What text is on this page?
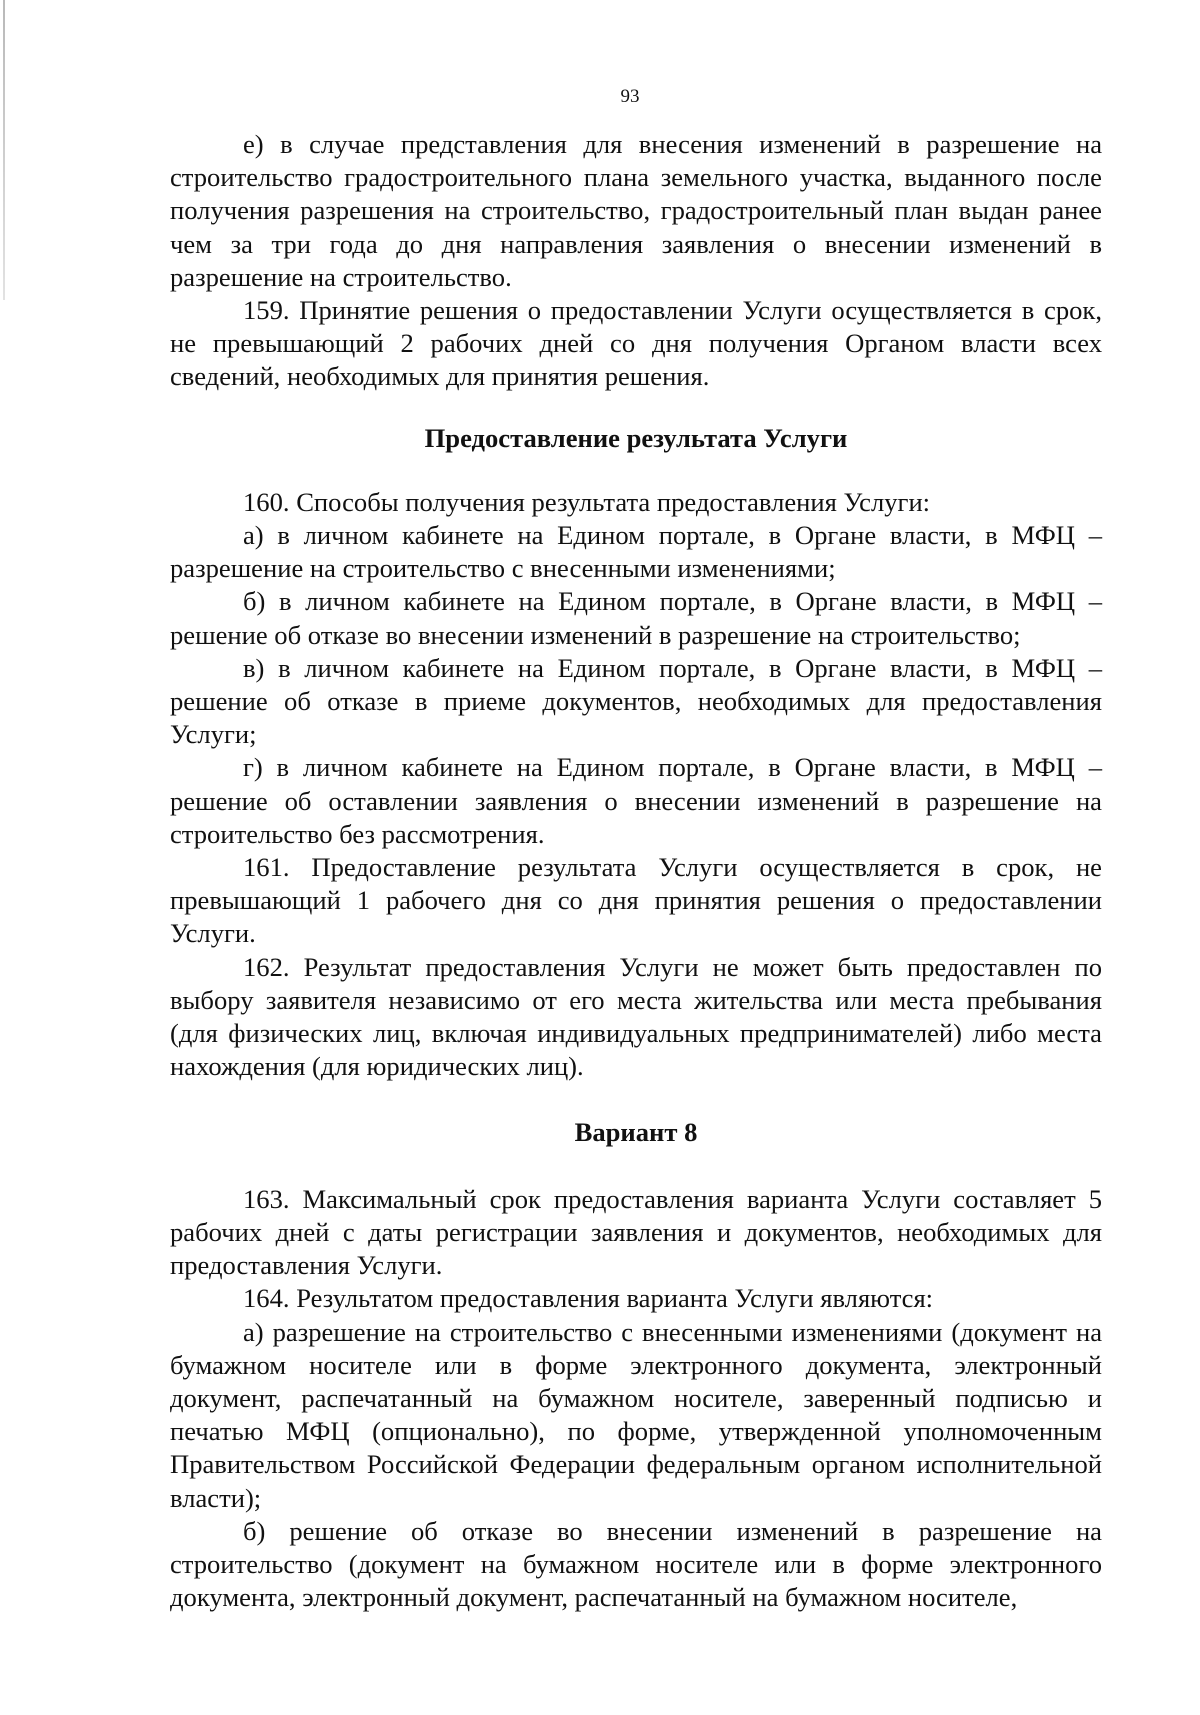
93

е) в случае представления для внесения изменений в разрешение на строительство градостроительного плана земельного участка, выданного после получения разрешения на строительство, градостроительный план выдан ранее чем за три года до дня направления заявления о внесении изменений в разрешение на строительство.

159. Принятие решения о предоставлении Услуги осуществляется в срок, не превышающий 2 рабочих дней со дня получения Органом власти всех сведений, необходимых для принятия решения.

Предоставление результата Услуги

160. Способы получения результата предоставления Услуги:

а) в личном кабинете на Едином портале, в Органе власти, в МФЦ – разрешение на строительство с внесенными изменениями;

б) в личном кабинете на Едином портале, в Органе власти, в МФЦ – решение об отказе во внесении изменений в разрешение на строительство;

в) в личном кабинете на Едином портале, в Органе власти, в МФЦ – решение об отказе в приеме документов, необходимых для предоставления Услуги;

г) в личном кабинете на Едином портале, в Органе власти, в МФЦ – решение об оставлении заявления о внесении изменений в разрешение на строительство без рассмотрения.

161. Предоставление результата Услуги осуществляется в срок, не превышающий 1 рабочего дня со дня принятия решения о предоставлении Услуги.

162. Результат предоставления Услуги не может быть предоставлен по выбору заявителя независимо от его места жительства или места пребывания (для физических лиц, включая индивидуальных предпринимателей) либо места нахождения (для юридических лиц).

Вариант 8

163. Максимальный срок предоставления варианта Услуги составляет 5 рабочих дней с даты регистрации заявления и документов, необходимых для предоставления Услуги.

164. Результатом предоставления варианта Услуги являются:

а) разрешение на строительство с внесенными изменениями (документ на бумажном носителе или в форме электронного документа, электронный документ, распечатанный на бумажном носителе, заверенный подписью и печатью МФЦ (опционально), по форме, утвержденной уполномоченным Правительством Российской Федерации федеральным органом исполнительной власти);

б) решение об отказе во внесении изменений в разрешение на строительство (документ на бумажном носителе или в форме электронного документа, электронный документ, распечатанный на бумажном носителе,
